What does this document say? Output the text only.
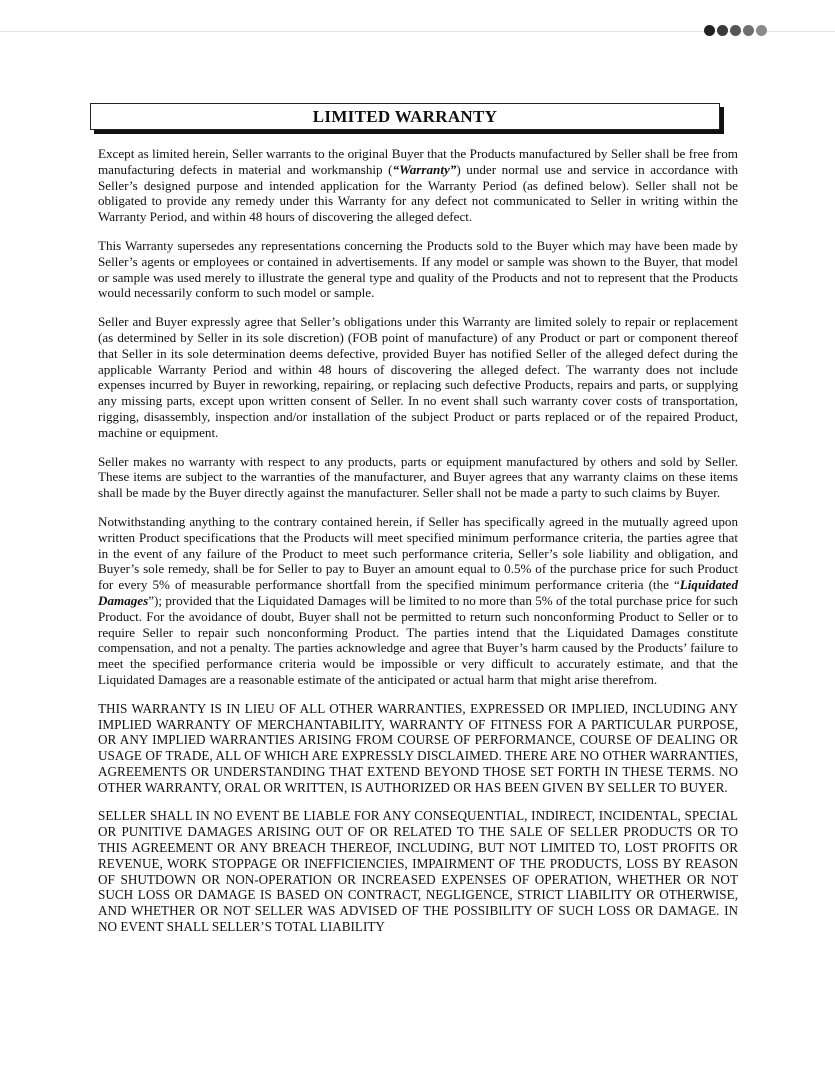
LIMITED WARRANTY

Except as limited herein, Seller warrants to the original Buyer that the Products manufactured by Seller shall be free from manufacturing defects in material and workmanship (“Warranty”) under normal use and service in accordance with Seller’s designed purpose and intended application for the Warranty Period (as defined below). Seller shall not be obligated to provide any remedy under this Warranty for any defect not communicated to Seller in writing within the Warranty Period, and within 48 hours of discovering the alleged defect.

This Warranty supersedes any representations concerning the Products sold to the Buyer which may have been made by Seller’s agents or employees or contained in advertisements. If any model or sample was shown to the Buyer, that model or sample was used merely to illustrate the general type and quality of the Products and not to represent that the Products would necessarily conform to such model or sample.

Seller and Buyer expressly agree that Seller’s obligations under this Warranty are limited solely to repair or replacement (as determined by Seller in its sole discretion) (FOB point of manufacture) of any Product or part or component thereof that Seller in its sole determination deems defective, provided Buyer has notified Seller of the alleged defect during the applicable Warranty Period and within 48 hours of discovering the alleged defect. The warranty does not include expenses incurred by Buyer in reworking, repairing, or replacing such defective Products, repairs and parts, or supplying any missing parts, except upon written consent of Seller. In no event shall such warranty cover costs of transportation, rigging, disassembly, inspection and/or installation of the subject Product or parts replaced or of the repaired Product, machine or equipment.

Seller makes no warranty with respect to any products, parts or equipment manufactured by others and sold by Seller. These items are subject to the warranties of the manufacturer, and Buyer agrees that any warranty claims on these items shall be made by the Buyer directly against the manufacturer. Seller shall not be made a party to such claims by Buyer.

Notwithstanding anything to the contrary contained herein, if Seller has specifically agreed in the mutually agreed upon written Product specifications that the Products will meet specified minimum performance criteria, the parties agree that in the event of any failure of the Product to meet such performance criteria, Seller’s sole liability and obligation, and Buyer’s sole remedy, shall be for Seller to pay to Buyer an amount equal to 0.5% of the purchase price for such Product for every 5% of measurable performance shortfall from the specified minimum performance criteria (the “Liquidated Damages”); provided that the Liquidated Damages will be limited to no more than 5% of the total purchase price for such Product. For the avoidance of doubt, Buyer shall not be permitted to return such nonconforming Product to Seller or to require Seller to repair such nonconforming Product. The parties intend that the Liquidated Damages constitute compensation, and not a penalty. The parties acknowledge and agree that Buyer’s harm caused by the Products’ failure to meet the specified performance criteria would be impossible or very difficult to accurately estimate, and that the Liquidated Damages are a reasonable estimate of the anticipated or actual harm that might arise therefrom.

THIS WARRANTY IS IN LIEU OF ALL OTHER WARRANTIES, EXPRESSED OR IMPLIED, INCLUDING ANY IMPLIED WARRANTY OF MERCHANTABILITY, WARRANTY OF FITNESS FOR A PARTICULAR PURPOSE, OR ANY IMPLIED WARRANTIES ARISING FROM COURSE OF PERFORMANCE, COURSE OF DEALING OR USAGE OF TRADE, ALL OF WHICH ARE EXPRESSLY DISCLAIMED. THERE ARE NO OTHER WARRANTIES, AGREEMENTS OR UNDERSTANDING THAT EXTEND BEYOND THOSE SET FORTH IN THESE TERMS. NO OTHER WARRANTY, ORAL OR WRITTEN, IS AUTHORIZED OR HAS BEEN GIVEN BY SELLER TO BUYER.

SELLER SHALL IN NO EVENT BE LIABLE FOR ANY CONSEQUENTIAL, INDIRECT, INCIDENTAL, SPECIAL OR PUNITIVE DAMAGES ARISING OUT OF OR RELATED TO THE SALE OF SELLER PRODUCTS OR TO THIS AGREEMENT OR ANY BREACH THEREOF, INCLUDING, BUT NOT LIMITED TO, LOST PROFITS OR REVENUE, WORK STOPPAGE OR INEFFICIENCIES, IMPAIRMENT OF THE PRODUCTS, LOSS BY REASON OF SHUTDOWN OR NON-OPERATION OR INCREASED EXPENSES OF OPERATION, WHETHER OR NOT SUCH LOSS OR DAMAGE IS BASED ON CONTRACT, NEGLIGENCE, STRICT LIABILITY OR OTHERWISE, AND WHETHER OR NOT SELLER WAS ADVISED OF THE POSSIBILITY OF SUCH LOSS OR DAMAGE. IN NO EVENT SHALL SELLER’S TOTAL LIABILITY
